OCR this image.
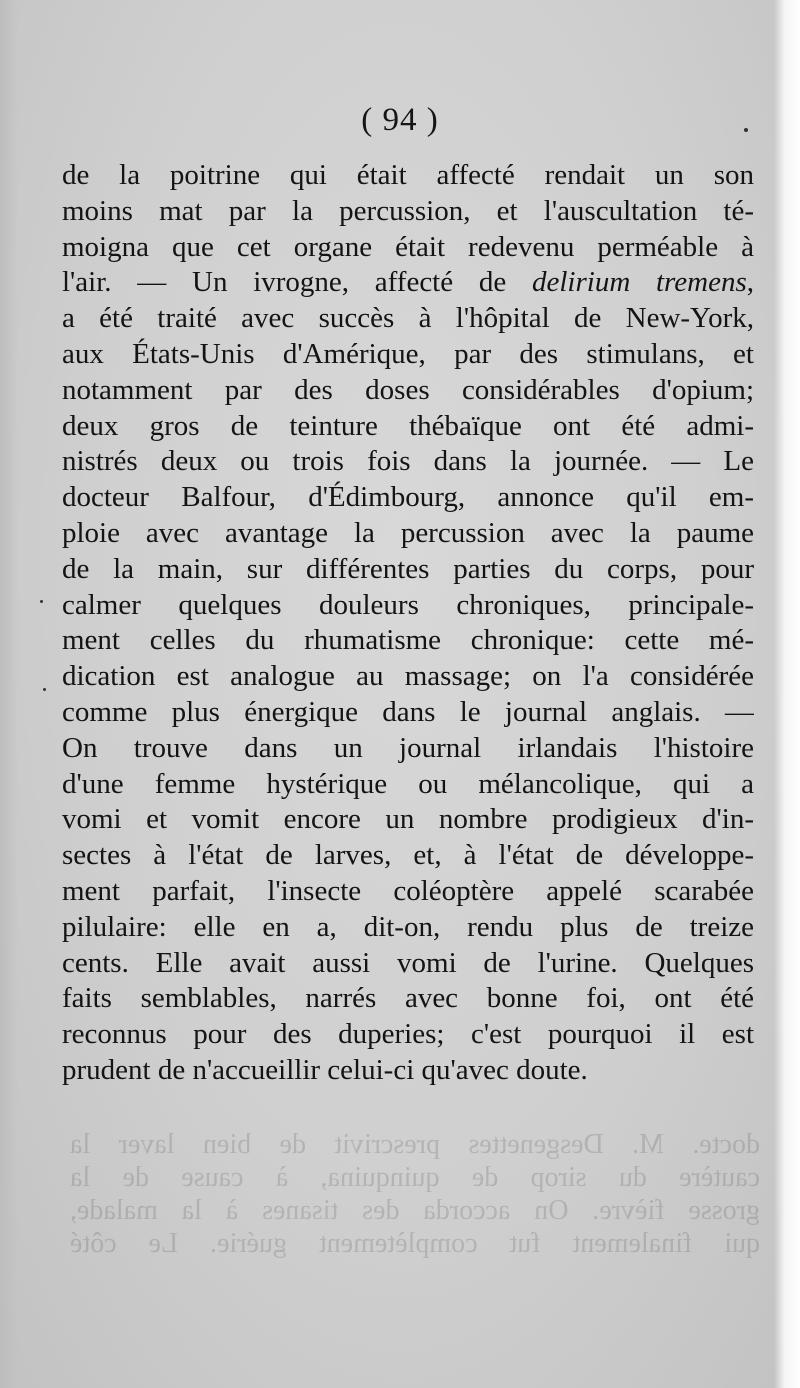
( 94 )
de la poitrine qui était affecté rendait un son
moins mat par la percussion, et l'auscultation té-
moigna que cet organe était redevenu perméable à
l'air. — Un ivrogne, affecté de delirium tremens,
a été traité avec succès à l'hôpital de New-York,
aux États-Unis d'Amérique, par des stimulans, et
notamment par des doses considérables d'opium;
deux gros de teinture thébaïque ont été admi-
nistrés deux ou trois fois dans la journée. — Le
docteur Balfour, d'Édimbourg, annonce qu'il em-
ploie avec avantage la percussion avec la paume
de la main, sur différentes parties du corps, pour
calmer quelques douleurs chroniques, principale-
ment celles du rhumatisme chronique: cette mé-
dication est analogue au massage; on l'a considérée
comme plus énergique dans le journal anglais. —
On trouve dans un journal irlandais l'histoire
d'une femme hystérique ou mélancolique, qui a
vomi et vomit encore un nombre prodigieux d'in-
sectes à l'état de larves, et, à l'état de développe-
ment parfait, l'insecte coléoptère appelé scarabée
pilulaire: elle en a, dit-on, rendu plus de treize
cents. Elle avait aussi vomi de l'urine. Quelques
faits semblables, narrés avec bonne foi, ont été
reconnus pour des duperies; c'est pourquoi il est
prudent de n'accueillir celui-ci qu'avec doute.
docte. M. Desgenettes prescrivit de bien laver la
cautère du sirop de quinquina, à cause de la
grosse fièvre. On accorda des tisanes à la malade,
qui finalement fut complètement guérie. Le côté
